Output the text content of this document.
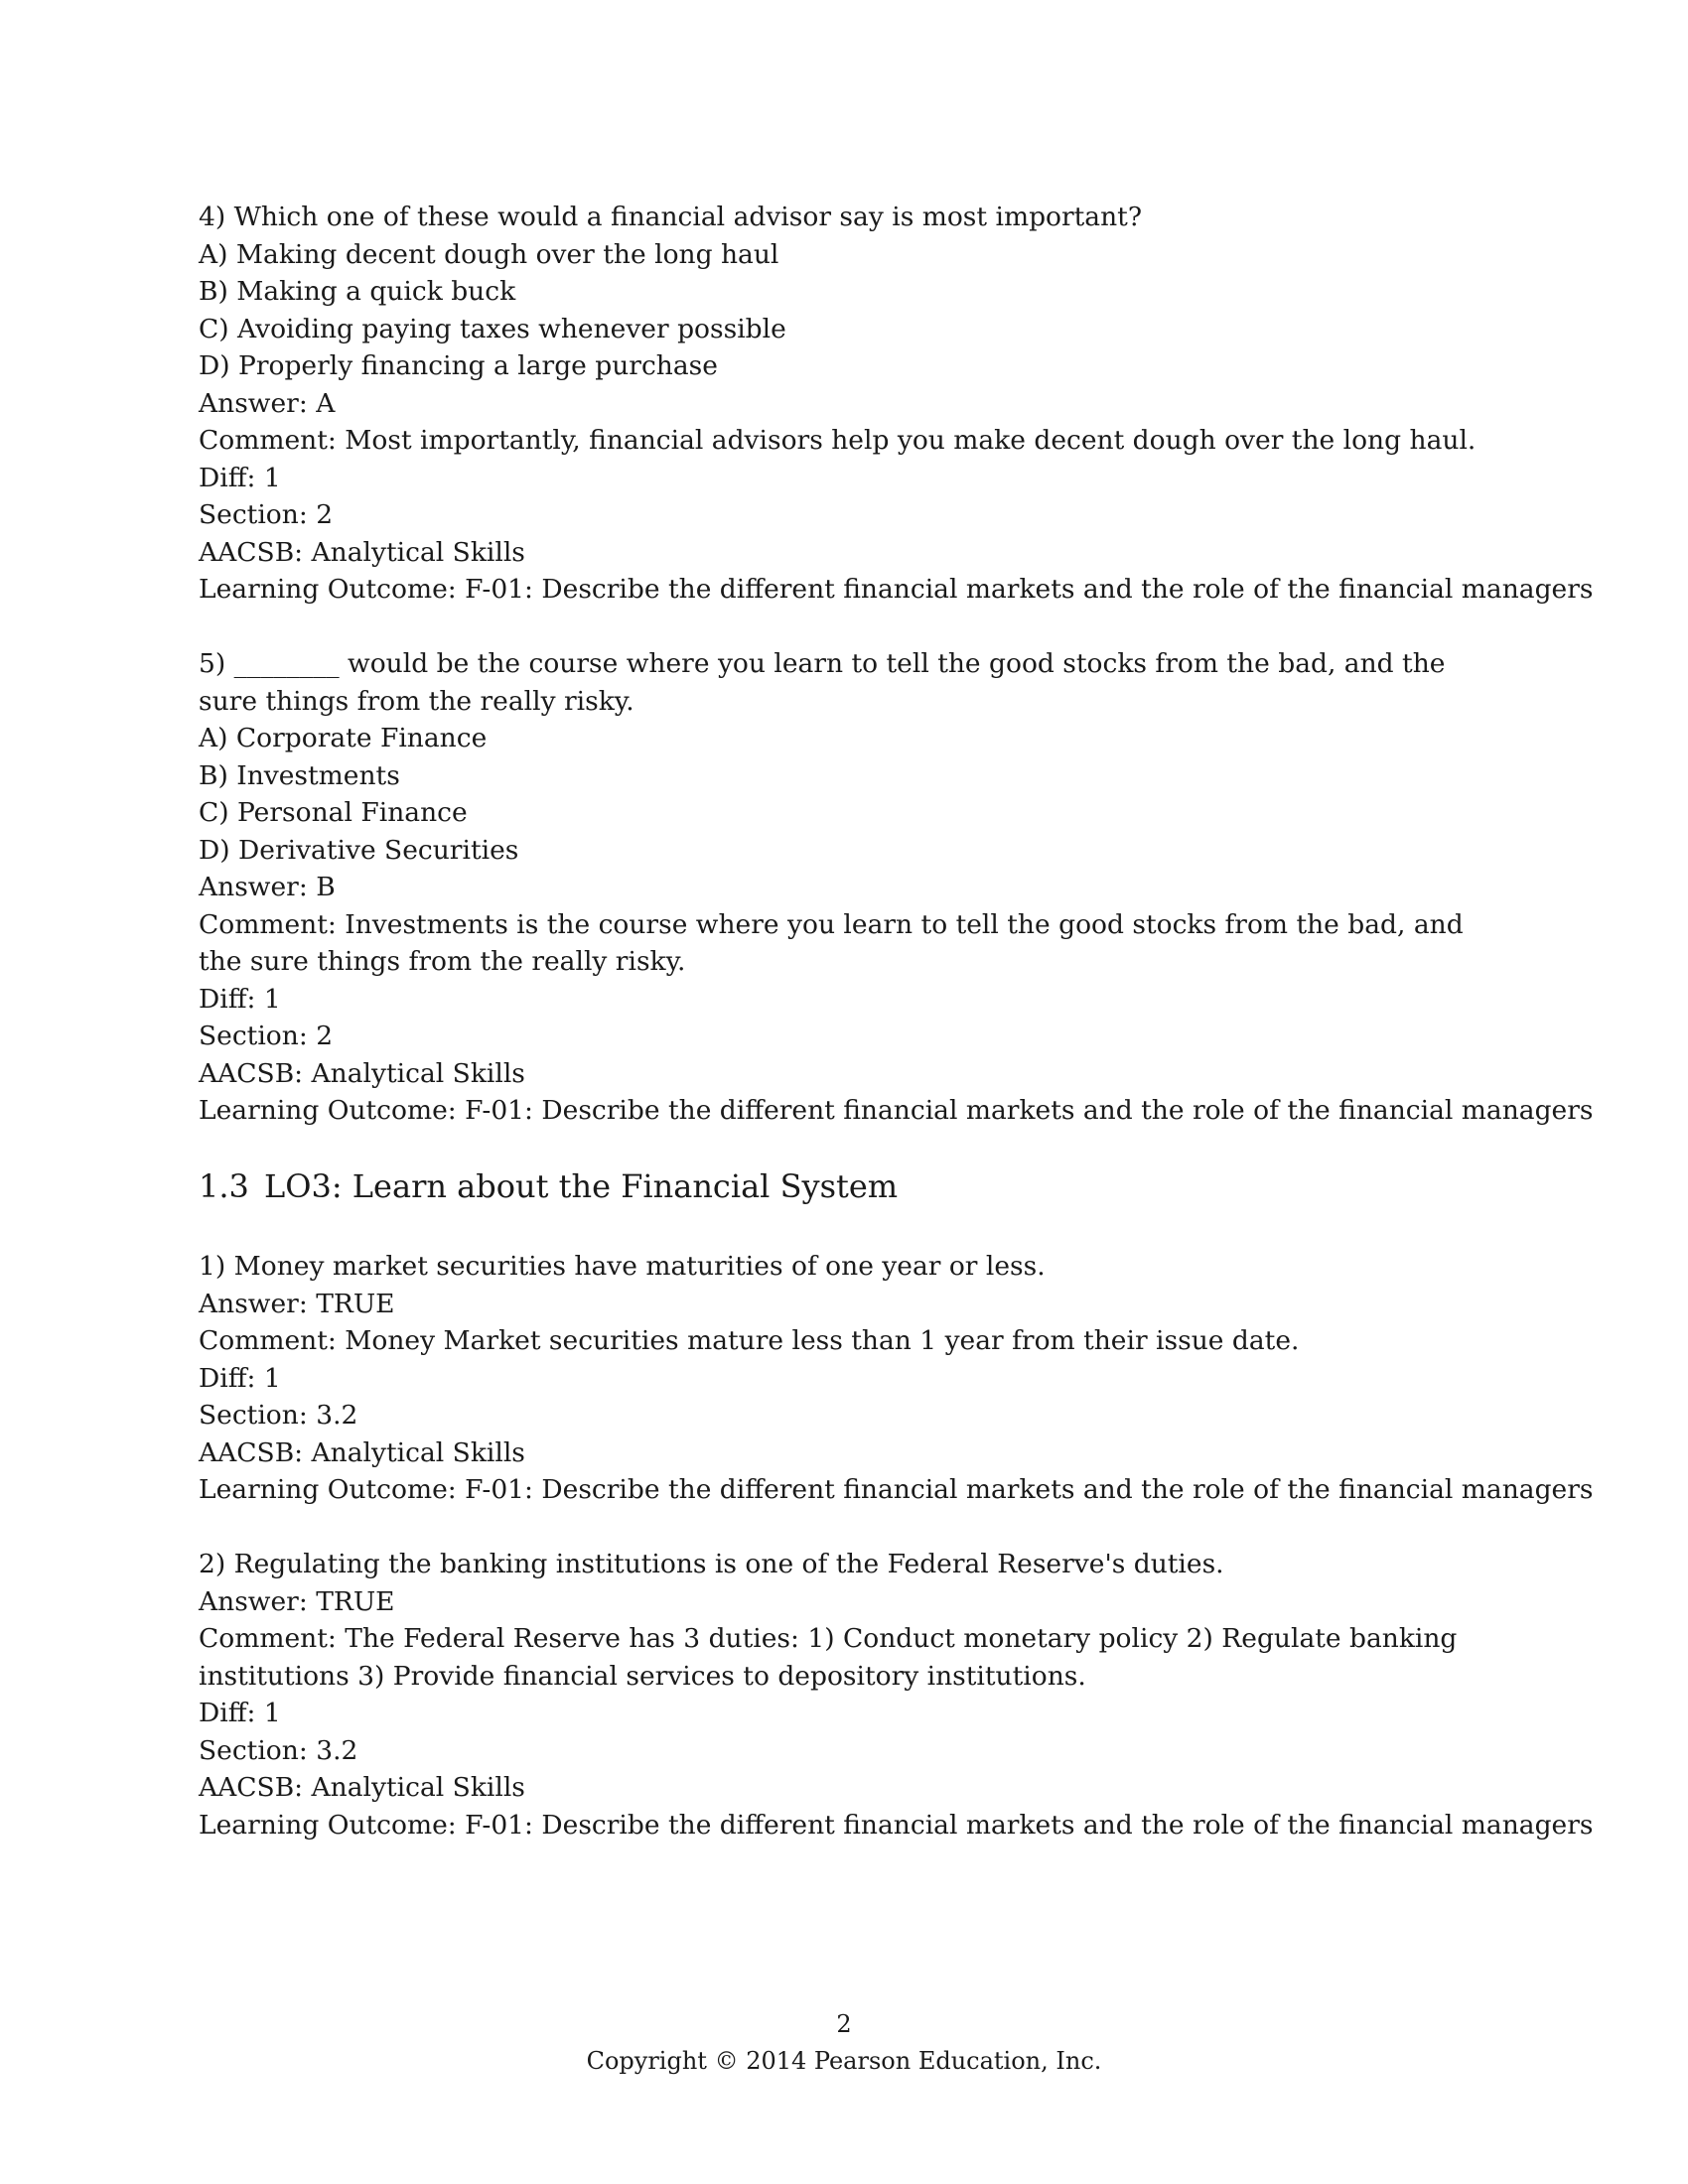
4) Which one of these would a financial advisor say is most important?
A) Making decent dough over the long haul
B) Making a quick buck
C) Avoiding paying taxes whenever possible
D) Properly financing a large purchase
Answer: A
Comment: Most importantly, financial advisors help you make decent dough over the long haul.
Diff: 1
Section: 2
AACSB: Analytical Skills
Learning Outcome: F-01: Describe the different financial markets and the role of the financial managers
5) ________ would be the course where you learn to tell the good stocks from the bad, and the sure things from the really risky.
A) Corporate Finance
B) Investments
C) Personal Finance
D) Derivative Securities
Answer: B
Comment: Investments is the course where you learn to tell the good stocks from the bad, and the sure things from the really risky.
Diff: 1
Section: 2
AACSB: Analytical Skills
Learning Outcome: F-01: Describe the different financial markets and the role of the financial managers
1.3 LO3: Learn about the Financial System
1) Money market securities have maturities of one year or less.
Answer: TRUE
Comment: Money Market securities mature less than 1 year from their issue date.
Diff: 1
Section: 3.2
AACSB: Analytical Skills
Learning Outcome: F-01: Describe the different financial markets and the role of the financial managers
2) Regulating the banking institutions is one of the Federal Reserve's duties.
Answer: TRUE
Comment: The Federal Reserve has 3 duties: 1) Conduct monetary policy 2) Regulate banking institutions 3) Provide financial services to depository institutions.
Diff: 1
Section: 3.2
AACSB: Analytical Skills
Learning Outcome: F-01: Describe the different financial markets and the role of the financial managers
2
Copyright © 2014 Pearson Education, Inc.
